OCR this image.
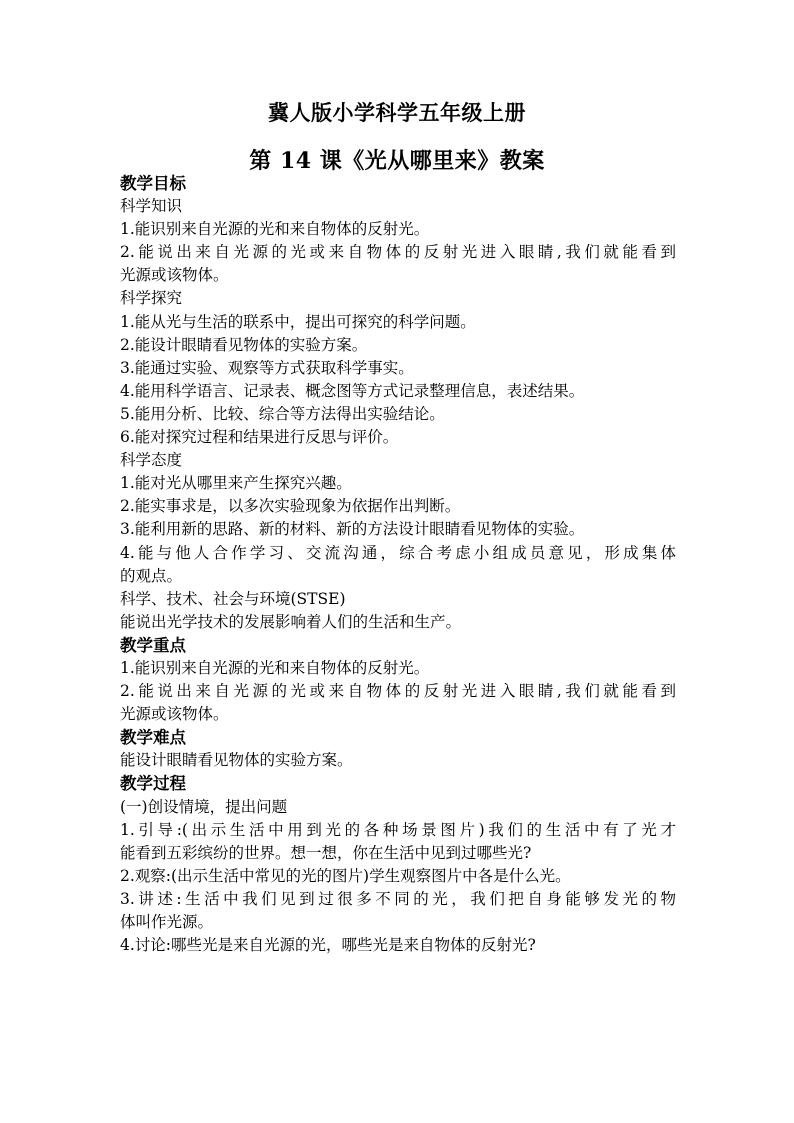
冀人版小学科学五年级上册
第 14 课《光从哪里来》教案
教学目标
科学知识
1.能识别来自光源的光和来自物体的反射光。
2.能说出来自光源的光或来自物体的反射光进入眼睛,我们就能看到
光源或该物体。
科学探究
1.能从光与生活的联系中，提出可探究的科学问题。
2.能设计眼睛看见物体的实验方案。
3.能通过实验、观察等方式获取科学事实。
4.能用科学语言、记录表、概念图等方式记录整理信息，表述结果。
5.能用分析、比较、综合等方法得出实验结论。
6.能对探究过程和结果进行反思与评价。
科学态度
1.能对光从哪里来产生探究兴趣。
2.能实事求是，以多次实验现象为依据作出判断。
3.能利用新的思路、新的材料、新的方法设计眼睛看见物体的实验。
4.能与他人合作学习、交流沟通，综合考虑小组成员意见，形成集体
的观点。
科学、技术、社会与环境(STSE)
能说出光学技术的发展影响着人们的生活和生产。
教学重点
1.能识别来自光源的光和来自物体的反射光。
2.能说出来自光源的光或来自物体的反射光进入眼睛,我们就能看到
光源或该物体。
教学难点
能设计眼睛看见物体的实验方案。
教学过程
(一)创设情境，提出问题
1.引导:(出示生活中用到光的各种场景图片)我们的生活中有了光才
能看到五彩缤纷的世界。想一想，你在生活中见到过哪些光?
2.观察:(出示生活中常见的光的图片)学生观察图片中各是什么光。
3.讲述:生活中我们见到过很多不同的光，我们把自身能够发光的物
体叫作光源。
4.讨论:哪些光是来自光源的光，哪些光是来自物体的反射光?
